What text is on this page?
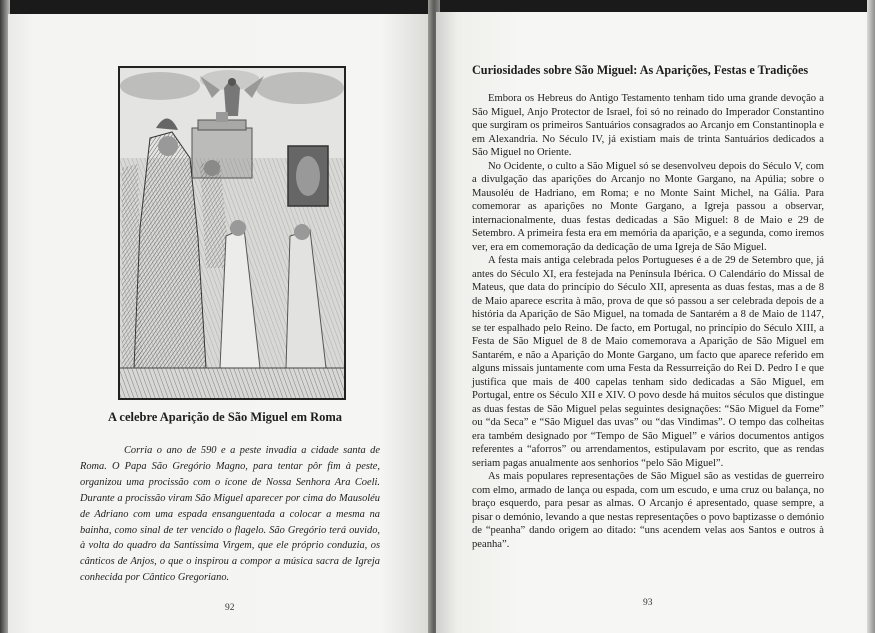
A celebre Aparição de São Miguel em Roma

Corria o ano de 590 e a peste invadia a cidade santa de Roma. O Papa São Gregório Magno, para tentar pôr fim à peste, organizou uma procissão com o ícone de Nossa Senhora Ara Coeli. Durante a procissão viram São Miguel aparecer por cima do Mausoléu de Adriano com uma espada ensanguentada a colocar a mesma na bainha, como sinal de ter vencido o flagelo. São Gregório terá ouvido, à volta do quadro da Santíssima Virgem, que ele próprio conduzia, os cânticos de Anjos, o que o inspirou a compor a música sacra de Igreja conhecida por Cântico Gregoriano.

92
Curiosidades sobre São Miguel: As Aparições, Festas e Tradições

Embora os Hebreus do Antigo Testamento tenham tido uma grande devoção a São Miguel, Anjo Protector de Israel, foi só no reinado do Imperador Constantino que surgiram os primeiros Santuários consagrados ao Arcanjo em Constantinopla e em Alexandria. No Século IV, já existiam mais de trinta Santuários dedicados a São Miguel no Oriente.

No Ocidente, o culto a São Miguel só se desenvolveu depois do Século V, com a divulgação das aparições do Arcanjo no Monte Gargano, na Apúlia; sobre o Mausoléu de Hadriano, em Roma; e no Monte Saint Michel, na Gália. Para comemorar as aparições no Monte Gargano, a Igreja passou a observar, internacionalmente, duas festas dedicadas a São Miguel: 8 de Maio e 29 de Setembro. A primeira festa era em memória da aparição, e a segunda, como iremos ver, era em comemoração da dedicação de uma Igreja de São Miguel.

A festa mais antiga celebrada pelos Portugueses é a de 29 de Setembro que, já antes do Século XI, era festejada na Península Ibérica. O Calendário do Missal de Mateus, que data do princípio do Século XII, apresenta as duas festas, mas a de 8 de Maio aparece escrita à mão, prova de que só passou a ser celebrada depois de a história da Aparição de São Miguel, na tomada de Santarém a 8 de Maio de 1147, se ter espalhado pelo Reino. De facto, em Portugal, no princípio do Século XIII, a Festa de São Miguel de 8 de Maio comemorava a Aparição de São Miguel em Santarém, e não a Aparição do Monte Gargano, um facto que aparece referido em alguns missais juntamente com uma Festa da Ressurreição do Rei D. Pedro I e que justifica que mais de 400 capelas tenham sido dedicadas a São Miguel, em Portugal, entre os Século XII e XIV. O povo desde há muitos séculos que distingue as duas festas de São Miguel pelas seguintes designações: “São Miguel da Fome” ou “da Seca” e “São Miguel das uvas” ou “das Vindimas”. O tempo das colheitas era também designado por “Tempo de São Miguel” e vários documentos antigos referentes a “aforros” ou arrendamentos, estipulavam por escrito, que as rendas seriam pagas anualmente aos senhorios “pelo São Miguel”.

As mais populares representações de São Miguel são as vestidas de guerreiro com elmo, armado de lança ou espada, com um escudo, e uma cruz ou balança, no braço esquerdo, para pesar as almas. O Arcanjo é apresentado, quase sempre, a pisar o demónio, levando a que nestas representações o povo baptizasse o demónio de “peanha” dando origem ao ditado: “uns acendem velas aos Santos e outros à peanha”.

93
